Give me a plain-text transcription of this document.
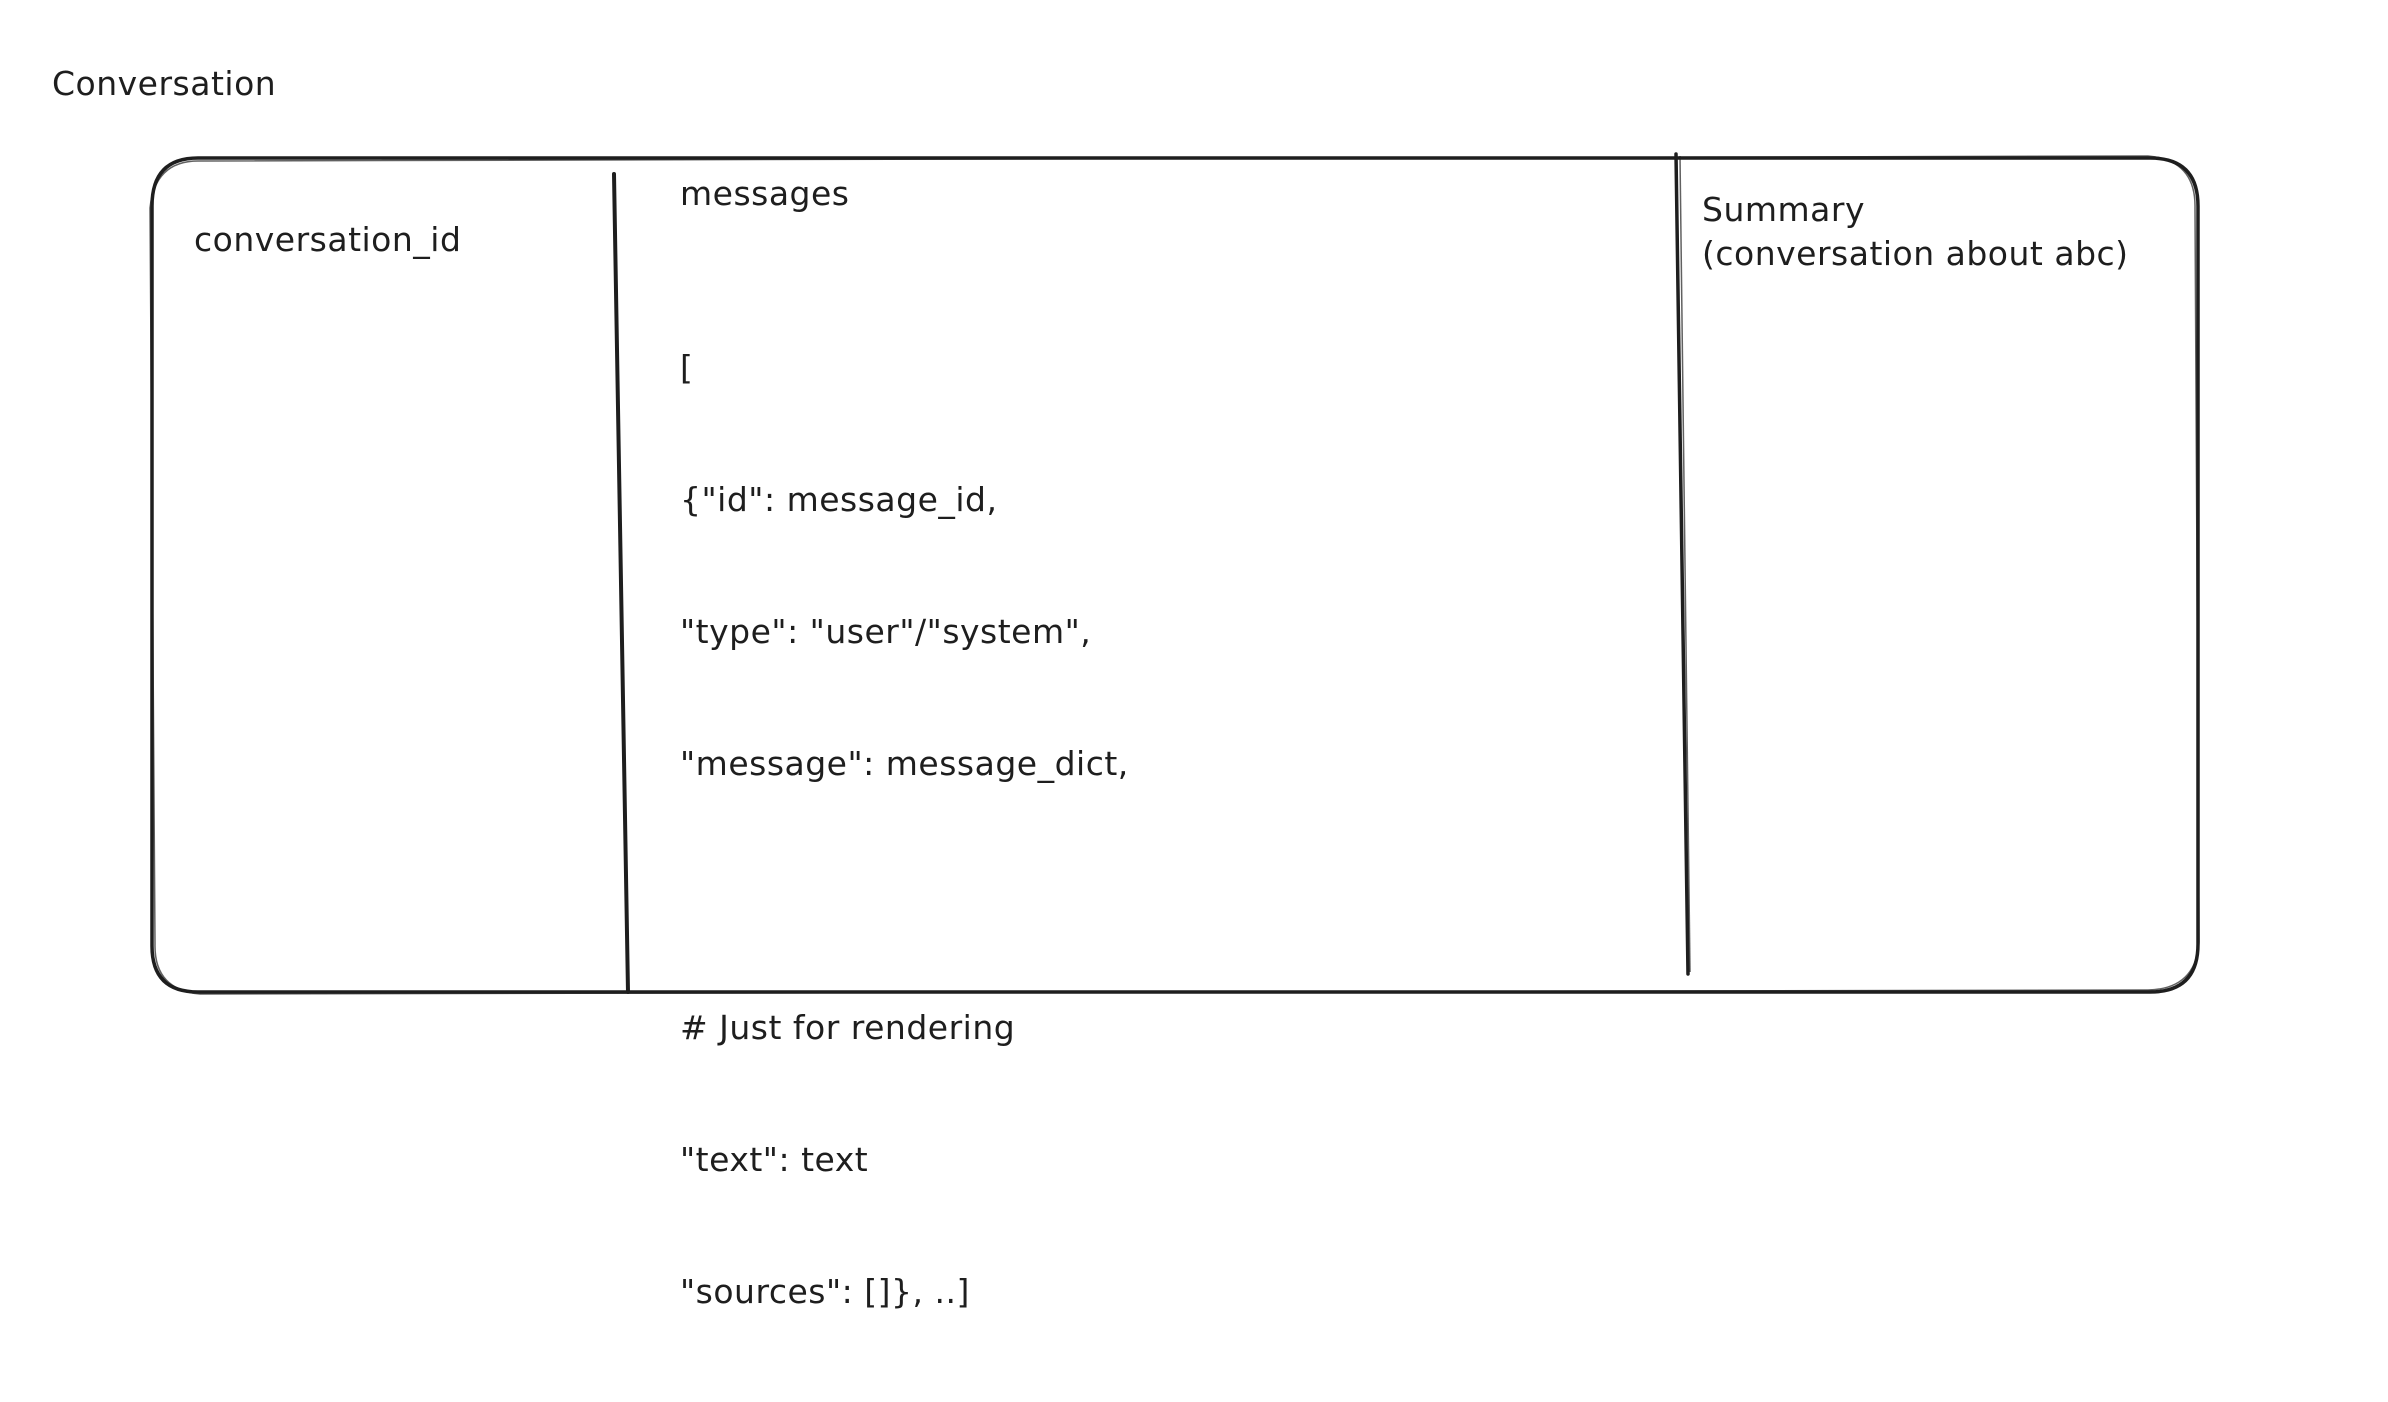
Conversation
conversation_id
messages

[

{"id": message_id,

"type": "user"/"system",

"message": message_dict,

# Just for rendering

"text": text

"sources": []}, ..]

Summary
(conversation about abc)
